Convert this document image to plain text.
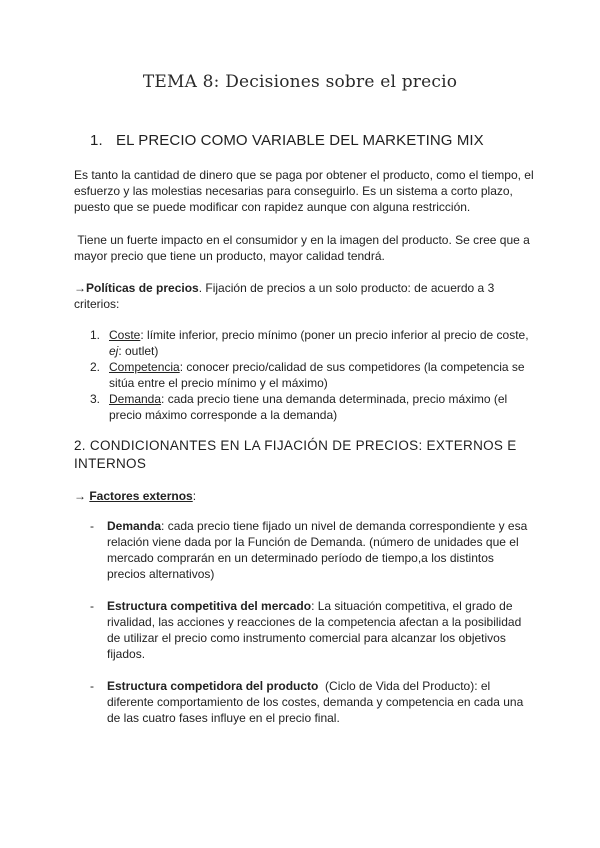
TEMA 8: Decisiones sobre el precio
1. EL PRECIO COMO VARIABLE DEL MARKETING MIX
Es tanto la cantidad de dinero que se paga por obtener el producto, como el tiempo, el esfuerzo y las molestias necesarias para conseguirlo. Es un sistema a corto plazo, puesto que se puede modificar con rapidez aunque con alguna restricción.
Tiene un fuerte impacto en el consumidor y en la imagen del producto. Se cree que a mayor precio que tiene un producto, mayor calidad tendrá.
→Políticas de precios. Fijación de precios a un solo producto: de acuerdo a 3 criterios:
1. Coste: límite inferior, precio mínimo (poner un precio inferior al precio de coste, ej: outlet)
2. Competencia: conocer precio/calidad de sus competidores (la competencia se sitúa entre el precio mínimo y el máximo)
3. Demanda: cada precio tiene una demanda determinada, precio máximo (el precio máximo corresponde a la demanda)
2. CONDICIONANTES EN LA FIJACIÓN DE PRECIOS: EXTERNOS E INTERNOS
→ Factores externos:
-	Demanda: cada precio tiene fijado un nivel de demanda correspondiente y esa relación viene dada por la Función de Demanda. (número de unidades que el mercado comprarán en un determinado período de tiempo,a los distintos precios alternativos)
-	Estructura competitiva del mercado: La situación competitiva, el grado de rivalidad, las acciones y reacciones de la competencia afectan a la posibilidad de utilizar el precio como instrumento comercial para alcanzar los objetivos fijados.
-	Estructura competidora del producto  (Ciclo de Vida del Producto): el diferente comportamiento de los costes, demanda y competencia en cada una de las cuatro fases influye en el precio final.
